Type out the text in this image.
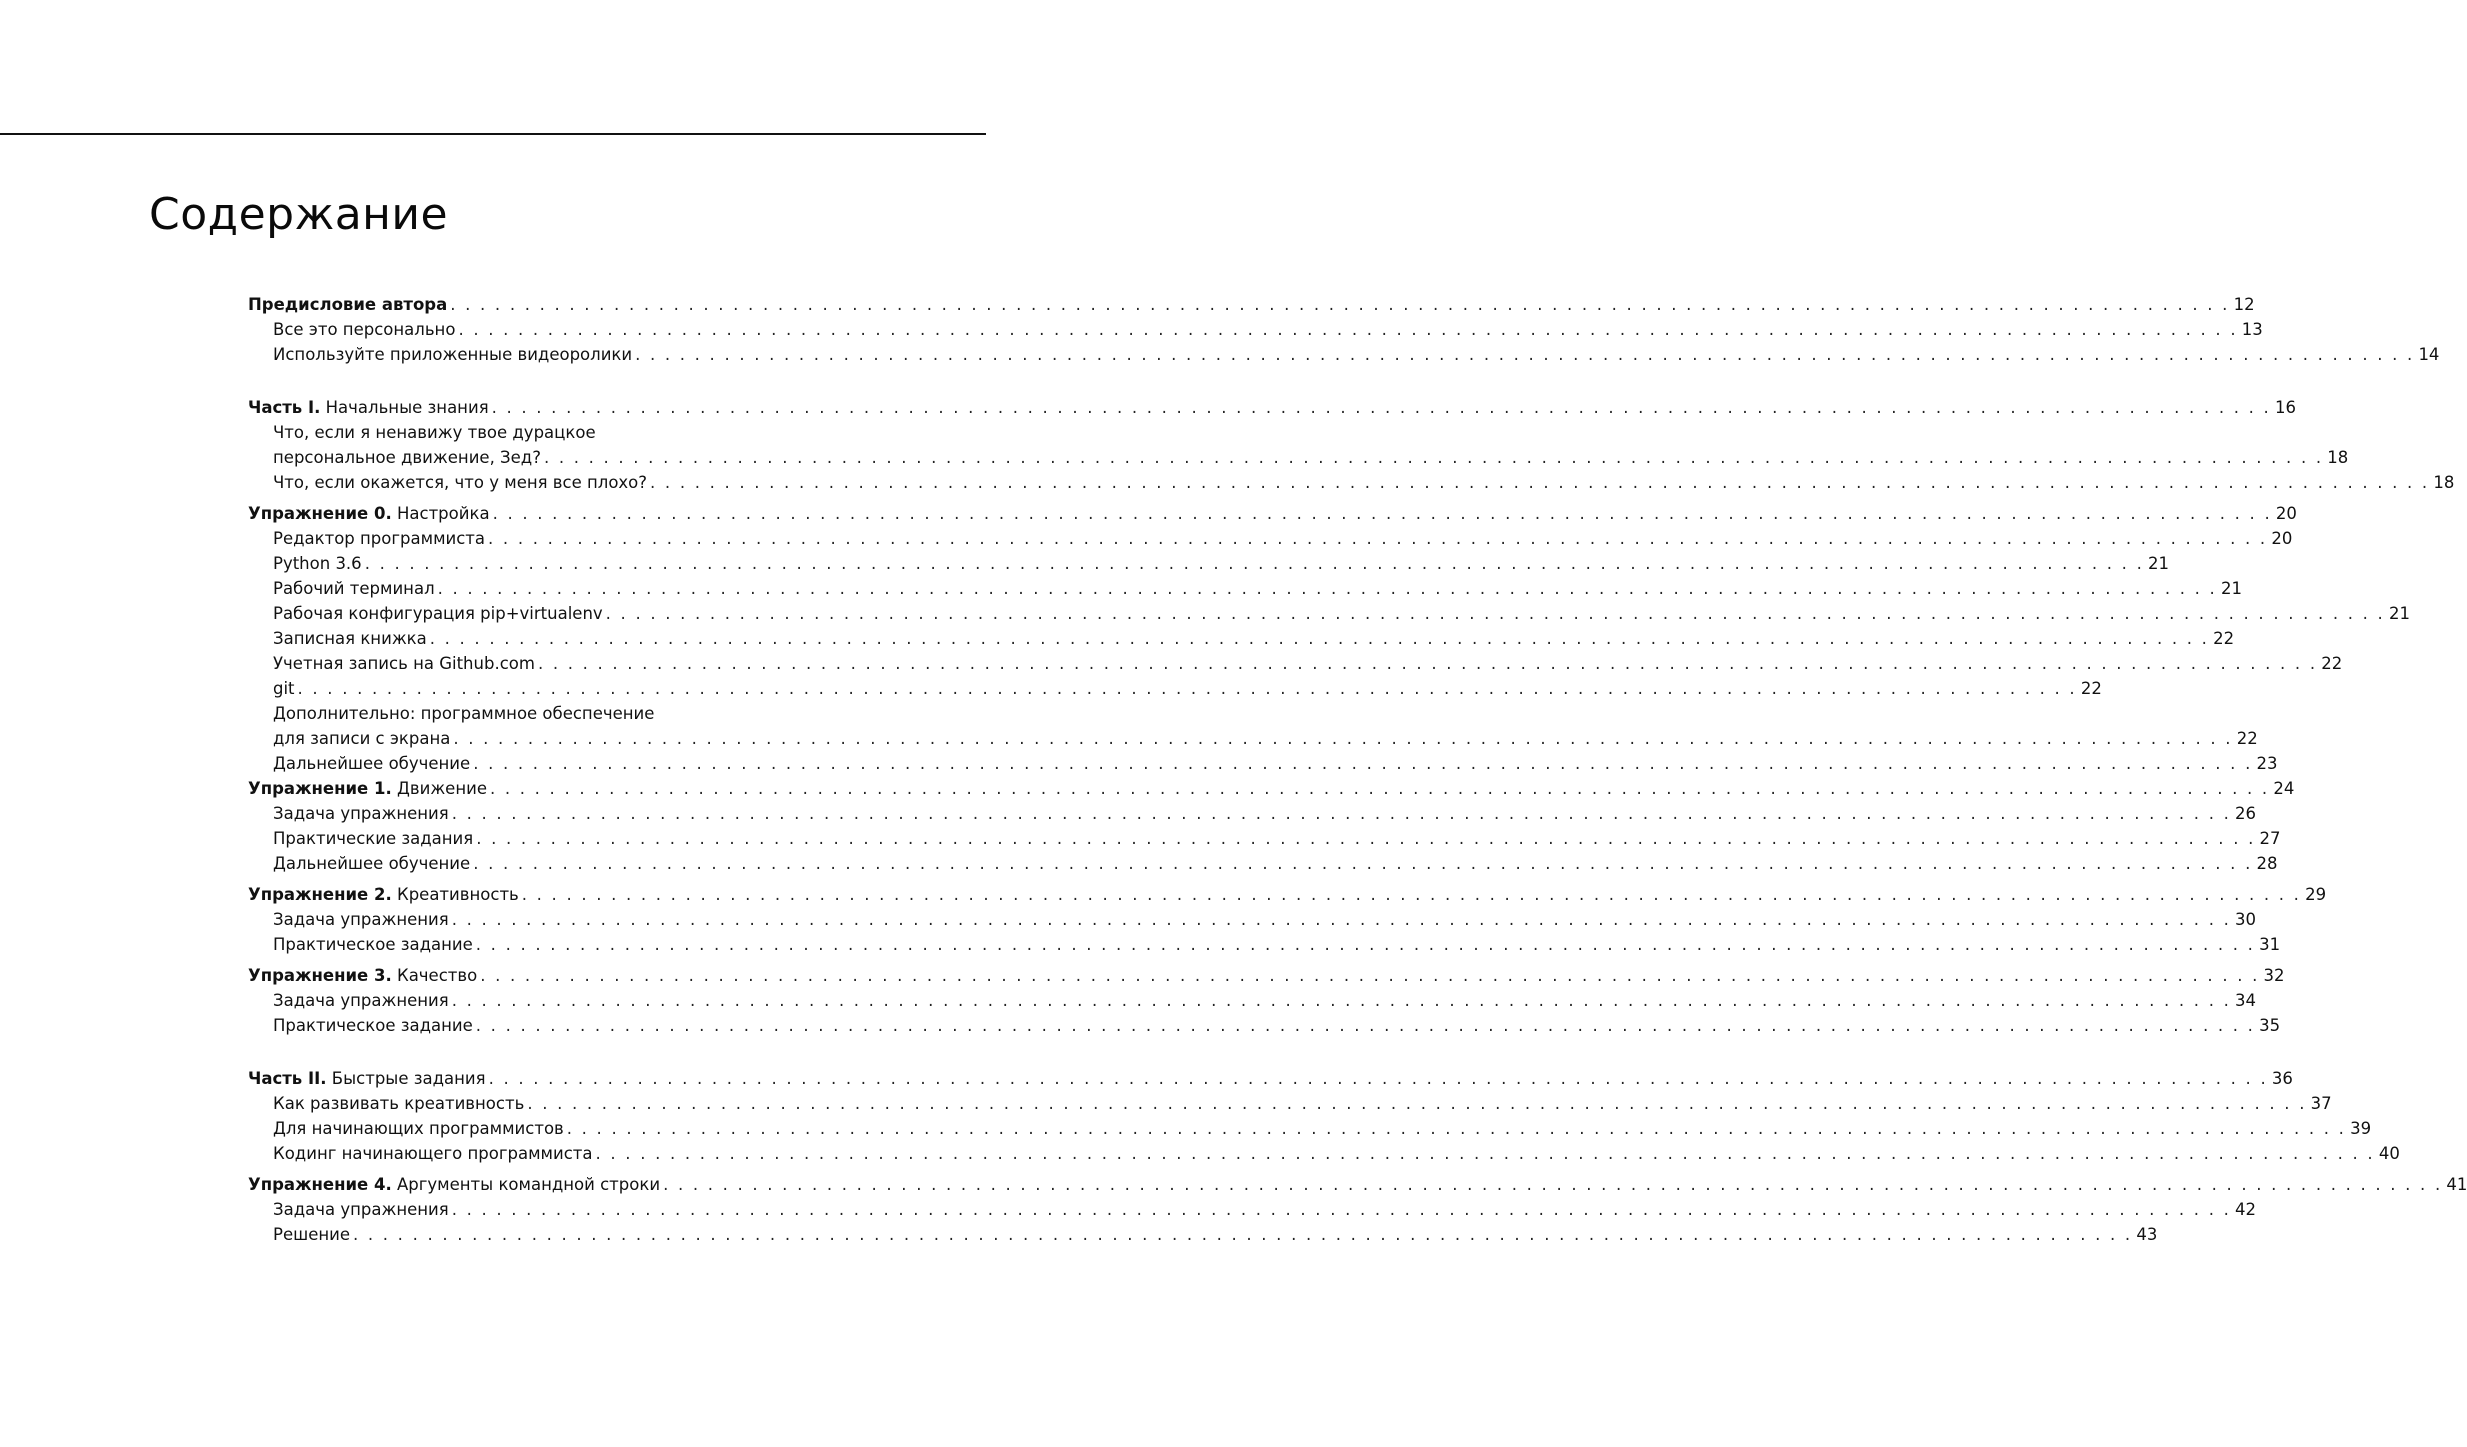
Содержание
Предисловие автора . . . . . . . . . . . . . . . . . . . . . . . . . . . . . . . . . . . . . . . . . . . . . . . . . . . . . . . . . . . . . . . . . . . . . . . . . . . . . . . . . . . . . . . . . . . . . . . . . . . . . . . . . . . . . . . . . . . . . . . . 12
Все это персонально . . . . . . . . . . . . . . . . . . . . . . . . . . . . . . . . . . . . . . . . . . . . . . . . . . . . . . . . . . . . . . . . . . . . . . . . . . . . . . . . . . . . . . . . . . . . . . . . . . . . . . . . . . . . . . . . . . . . . . . . 13
Используйте приложенные видеоролики . . . . . . . . . . . . . . . . . . . . . . . . . . . . . . . . . . . . . . . . . . . . . . . . . . . . . . . . . . . . . . . . . . . . . . . . . . . . . . . . . . . . . . . . . . . . . . . . . . . . . . . . . . . . . . . . . . . . . . . . 14
Часть I. Начальные знания . . . . . . . . . . . . . . . . . . . . . . . . . . . . . . . . . . . . . . . . . . . . . . . . . . . . . . . . . . . . . . . . . . . . . . . . . . . . . . . . . . . . . . . . . . . . . . . . . . . . . . . . . . . . . . . . . . . . . . . . 16
Что, если я ненавижу твое дурацкое
персональное движение, Зед? . . . . . . . . . . . . . . . . . . . . . . . . . . . . . . . . . . . . . . . . . . . . . . . . . . . . . . . . . . . . . . . . . . . . . . . . . . . . . . . . . . . . . . . . . . . . . . . . . . . . . . . . . . . . . . . . . . . . . . . . 18
Что, если окажется, что у меня все плохо? . . . . . . . . . . . . . . . . . . . . . . . . . . . . . . . . . . . . . . . . . . . . . . . . . . . . . . . . . . . . . . . . . . . . . . . . . . . . . . . . . . . . . . . . . . . . . . . . . . . . . . . . . . . . . . . . . . . . . . . . 18
Упражнение 0. Настройка . . . . . . . . . . . . . . . . . . . . . . . . . . . . . . . . . . . . . . . . . . . . . . . . . . . . . . . . . . . . . . . . . . . . . . . . . . . . . . . . . . . . . . . . . . . . . . . . . . . . . . . . . . . . . . . . . . . . . . . . 20
Редактор программиста . . . . . . . . . . . . . . . . . . . . . . . . . . . . . . . . . . . . . . . . . . . . . . . . . . . . . . . . . . . . . . . . . . . . . . . . . . . . . . . . . . . . . . . . . . . . . . . . . . . . . . . . . . . . . . . . . . . . . . . . 20
Python 3.6 . . . . . . . . . . . . . . . . . . . . . . . . . . . . . . . . . . . . . . . . . . . . . . . . . . . . . . . . . . . . . . . . . . . . . . . . . . . . . . . . . . . . . . . . . . . . . . . . . . . . . . . . . . . . . . . . . . . . . . . . 21
Рабочий терминал . . . . . . . . . . . . . . . . . . . . . . . . . . . . . . . . . . . . . . . . . . . . . . . . . . . . . . . . . . . . . . . . . . . . . . . . . . . . . . . . . . . . . . . . . . . . . . . . . . . . . . . . . . . . . . . . . . . . . . . . 21
Рабочая конфигурация pip+virtualenv . . . . . . . . . . . . . . . . . . . . . . . . . . . . . . . . . . . . . . . . . . . . . . . . . . . . . . . . . . . . . . . . . . . . . . . . . . . . . . . . . . . . . . . . . . . . . . . . . . . . . . . . . . . . . . . . . . . . . . . . 21
Записная книжка . . . . . . . . . . . . . . . . . . . . . . . . . . . . . . . . . . . . . . . . . . . . . . . . . . . . . . . . . . . . . . . . . . . . . . . . . . . . . . . . . . . . . . . . . . . . . . . . . . . . . . . . . . . . . . . . . . . . . . . . 22
Учетная запись на Github.com . . . . . . . . . . . . . . . . . . . . . . . . . . . . . . . . . . . . . . . . . . . . . . . . . . . . . . . . . . . . . . . . . . . . . . . . . . . . . . . . . . . . . . . . . . . . . . . . . . . . . . . . . . . . . . . . . . . . . . . . 22
git . . . . . . . . . . . . . . . . . . . . . . . . . . . . . . . . . . . . . . . . . . . . . . . . . . . . . . . . . . . . . . . . . . . . . . . . . . . . . . . . . . . . . . . . . . . . . . . . . . . . . . . . . . . . . . . . . . . . . . . . 22
Дополнительно: программное обеспечение
для записи с экрана . . . . . . . . . . . . . . . . . . . . . . . . . . . . . . . . . . . . . . . . . . . . . . . . . . . . . . . . . . . . . . . . . . . . . . . . . . . . . . . . . . . . . . . . . . . . . . . . . . . . . . . . . . . . . . . . . . . . . . . . 22
Дальнейшее обучение . . . . . . . . . . . . . . . . . . . . . . . . . . . . . . . . . . . . . . . . . . . . . . . . . . . . . . . . . . . . . . . . . . . . . . . . . . . . . . . . . . . . . . . . . . . . . . . . . . . . . . . . . . . . . . . . . . . . . . . . 23
Упражнение 1. Движение . . . . . . . . . . . . . . . . . . . . . . . . . . . . . . . . . . . . . . . . . . . . . . . . . . . . . . . . . . . . . . . . . . . . . . . . . . . . . . . . . . . . . . . . . . . . . . . . . . . . . . . . . . . . . . . . . . . . . . . . 24
Задача упражнения . . . . . . . . . . . . . . . . . . . . . . . . . . . . . . . . . . . . . . . . . . . . . . . . . . . . . . . . . . . . . . . . . . . . . . . . . . . . . . . . . . . . . . . . . . . . . . . . . . . . . . . . . . . . . . . . . . . . . . . . 26
Практические задания . . . . . . . . . . . . . . . . . . . . . . . . . . . . . . . . . . . . . . . . . . . . . . . . . . . . . . . . . . . . . . . . . . . . . . . . . . . . . . . . . . . . . . . . . . . . . . . . . . . . . . . . . . . . . . . . . . . . . . . . 27
Дальнейшее обучение . . . . . . . . . . . . . . . . . . . . . . . . . . . . . . . . . . . . . . . . . . . . . . . . . . . . . . . . . . . . . . . . . . . . . . . . . . . . . . . . . . . . . . . . . . . . . . . . . . . . . . . . . . . . . . . . . . . . . . . . 28
Упражнение 2. Креативность . . . . . . . . . . . . . . . . . . . . . . . . . . . . . . . . . . . . . . . . . . . . . . . . . . . . . . . . . . . . . . . . . . . . . . . . . . . . . . . . . . . . . . . . . . . . . . . . . . . . . . . . . . . . . . . . . . . . . . . . 29
Задача упражнения . . . . . . . . . . . . . . . . . . . . . . . . . . . . . . . . . . . . . . . . . . . . . . . . . . . . . . . . . . . . . . . . . . . . . . . . . . . . . . . . . . . . . . . . . . . . . . . . . . . . . . . . . . . . . . . . . . . . . . . . 30
Практическое задание . . . . . . . . . . . . . . . . . . . . . . . . . . . . . . . . . . . . . . . . . . . . . . . . . . . . . . . . . . . . . . . . . . . . . . . . . . . . . . . . . . . . . . . . . . . . . . . . . . . . . . . . . . . . . . . . . . . . . . . . 31
Упражнение 3. Качество . . . . . . . . . . . . . . . . . . . . . . . . . . . . . . . . . . . . . . . . . . . . . . . . . . . . . . . . . . . . . . . . . . . . . . . . . . . . . . . . . . . . . . . . . . . . . . . . . . . . . . . . . . . . . . . . . . . . . . . . 32
Задача упражнения . . . . . . . . . . . . . . . . . . . . . . . . . . . . . . . . . . . . . . . . . . . . . . . . . . . . . . . . . . . . . . . . . . . . . . . . . . . . . . . . . . . . . . . . . . . . . . . . . . . . . . . . . . . . . . . . . . . . . . . . 34
Практическое задание . . . . . . . . . . . . . . . . . . . . . . . . . . . . . . . . . . . . . . . . . . . . . . . . . . . . . . . . . . . . . . . . . . . . . . . . . . . . . . . . . . . . . . . . . . . . . . . . . . . . . . . . . . . . . . . . . . . . . . . . 35
Часть II. Быстрые задания . . . . . . . . . . . . . . . . . . . . . . . . . . . . . . . . . . . . . . . . . . . . . . . . . . . . . . . . . . . . . . . . . . . . . . . . . . . . . . . . . . . . . . . . . . . . . . . . . . . . . . . . . . . . . . . . . . . . . . . . 36
Как развивать креативность . . . . . . . . . . . . . . . . . . . . . . . . . . . . . . . . . . . . . . . . . . . . . . . . . . . . . . . . . . . . . . . . . . . . . . . . . . . . . . . . . . . . . . . . . . . . . . . . . . . . . . . . . . . . . . . . . . . . . . . . 37
Для начинающих программистов . . . . . . . . . . . . . . . . . . . . . . . . . . . . . . . . . . . . . . . . . . . . . . . . . . . . . . . . . . . . . . . . . . . . . . . . . . . . . . . . . . . . . . . . . . . . . . . . . . . . . . . . . . . . . . . . . . . . . . . . 39
Кодинг начинающего программиста . . . . . . . . . . . . . . . . . . . . . . . . . . . . . . . . . . . . . . . . . . . . . . . . . . . . . . . . . . . . . . . . . . . . . . . . . . . . . . . . . . . . . . . . . . . . . . . . . . . . . . . . . . . . . . . . . . . . . . . . 40
Упражнение 4. Аргументы командной строки . . . . . . . . . . . . . . . . . . . . . . . . . . . . . . . . . . . . . . . . . . . . . . . . . . . . . . . . . . . . . . . . . . . . . . . . . . . . . . . . . . . . . . . . . . . . . . . . . . . . . . . . . . . . . . . . . . . . . . . . 41
Задача упражнения . . . . . . . . . . . . . . . . . . . . . . . . . . . . . . . . . . . . . . . . . . . . . . . . . . . . . . . . . . . . . . . . . . . . . . . . . . . . . . . . . . . . . . . . . . . . . . . . . . . . . . . . . . . . . . . . . . . . . . . . 42
Решение . . . . . . . . . . . . . . . . . . . . . . . . . . . . . . . . . . . . . . . . . . . . . . . . . . . . . . . . . . . . . . . . . . . . . . . . . . . . . . . . . . . . . . . . . . . . . . . . . . . . . . . . . . . . . . . . . . . . . . . . 43
